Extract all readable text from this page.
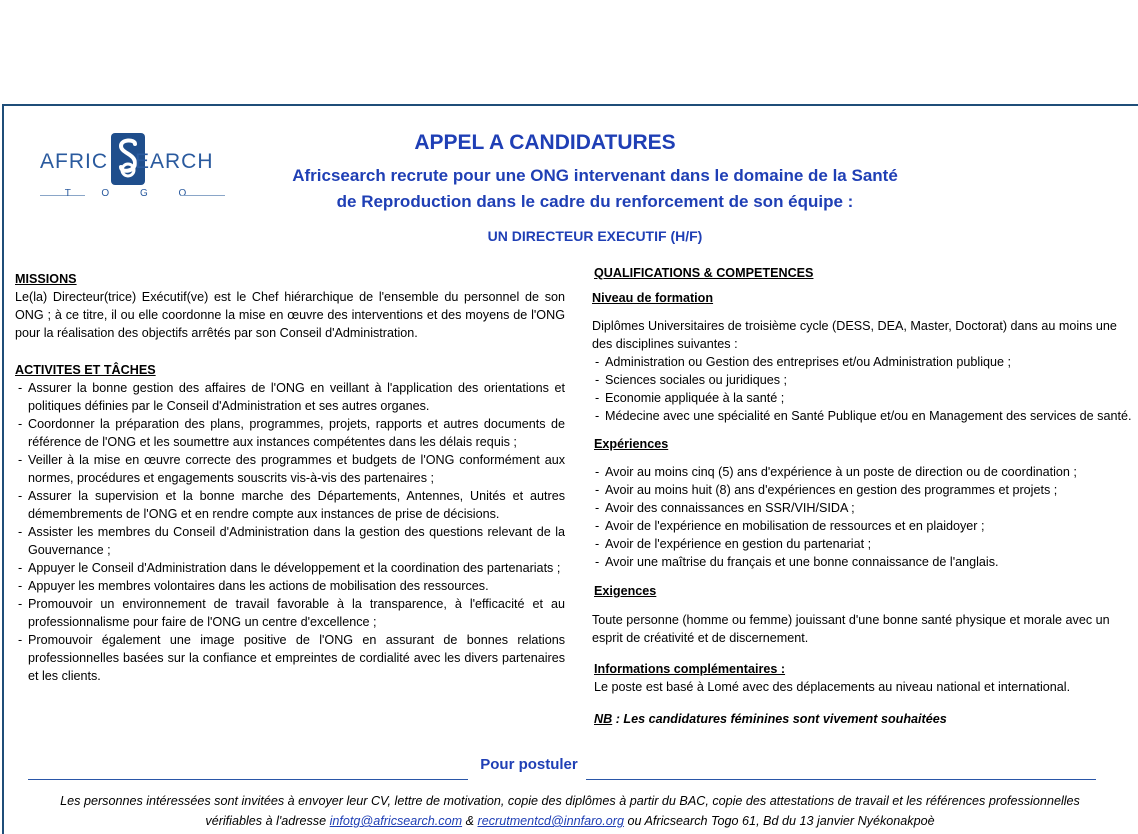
AFRIC EARCH
T O G O
APPEL A CANDIDATURES
Africsearch recrute pour une ONG intervenant dans le domaine de la Santé
de Reproduction dans le cadre du renforcement de son équipe :
UN DIRECTEUR EXECUTIF (H/F)
MISSIONS
Le(la) Directeur(trice) Exécutif(ve) est le Chef hiérarchique de l'ensemble du personnel de son ONG ; à ce titre, il ou elle coordonne la mise en œuvre des interventions et des moyens de l'ONG pour la réalisation des objectifs arrêtés par son Conseil d'Administration.
ACTIVITES ET TÂCHES
- Assurer la bonne gestion des affaires de l'ONG en veillant à l'application des orientations et politiques définies par le Conseil d'Administration et ses autres organes.
- Coordonner la préparation des plans, programmes, projets, rapports et autres documents de référence de l'ONG et les soumettre aux instances compétentes dans les délais requis ;
- Veiller à la mise en œuvre correcte des programmes et budgets de l'ONG conformément aux normes, procédures et engagements souscrits vis-à-vis des partenaires ;
- Assurer la supervision et la bonne marche des Départements, Antennes, Unités et autres démembrements de l'ONG et en rendre compte aux instances de prise de décisions.
- Assister les membres du Conseil d'Administration dans la gestion des questions relevant de la Gouvernance ;
- Appuyer le Conseil d'Administration dans le développement et la coordination des partenariats ;
- Appuyer les membres volontaires dans les actions de mobilisation des ressources.
- Promouvoir un environnement de travail favorable à la transparence, à l'efficacité et au professionnalisme pour faire de l'ONG un centre d'excellence ;
- Promouvoir également une image positive de l'ONG en assurant de bonnes relations professionnelles basées sur la confiance et empreintes de cordialité avec les divers partenaires et les clients.
QUALIFICATIONS & COMPETENCES
Niveau de formation
Diplômes Universitaires de troisième cycle (DESS, DEA, Master, Doctorat) dans au moins une des disciplines suivantes :
- Administration ou Gestion des entreprises et/ou Administration publique ;
- Sciences sociales ou juridiques ;
- Economie appliquée à la santé ;
- Médecine avec une spécialité en Santé Publique et/ou en Management des services de santé.
Expériences
- Avoir au moins cinq (5) ans d'expérience à un poste de direction ou de coordination ;
- Avoir au moins huit (8) ans d'expériences en gestion des programmes et projets ;
- Avoir des connaissances en SSR/VIH/SIDA ;
- Avoir de l'expérience en mobilisation de ressources et en plaidoyer ;
- Avoir de l'expérience en gestion du partenariat ;
- Avoir une maîtrise du français et une bonne connaissance de l'anglais.
Exigences
Toute personne (homme ou femme) jouissant d'une bonne santé physique et morale avec un esprit de créativité et de discernement.
Informations complémentaires :
Le poste est basé à Lomé avec des déplacements au niveau national et international.
NB : Les candidatures féminines sont vivement souhaitées
Pour postuler
Les personnes intéressées sont invitées à envoyer leur CV, lettre de motivation, copie des diplômes à partir du BAC, copie des attestations de travail et les références professionnelles
vérifiables à l'adresse infotg@africsearch.com & recrutmentcd@innfaro.org ou Africsearch Togo 61, Bd du 13 janvier Nyékonakpoè
